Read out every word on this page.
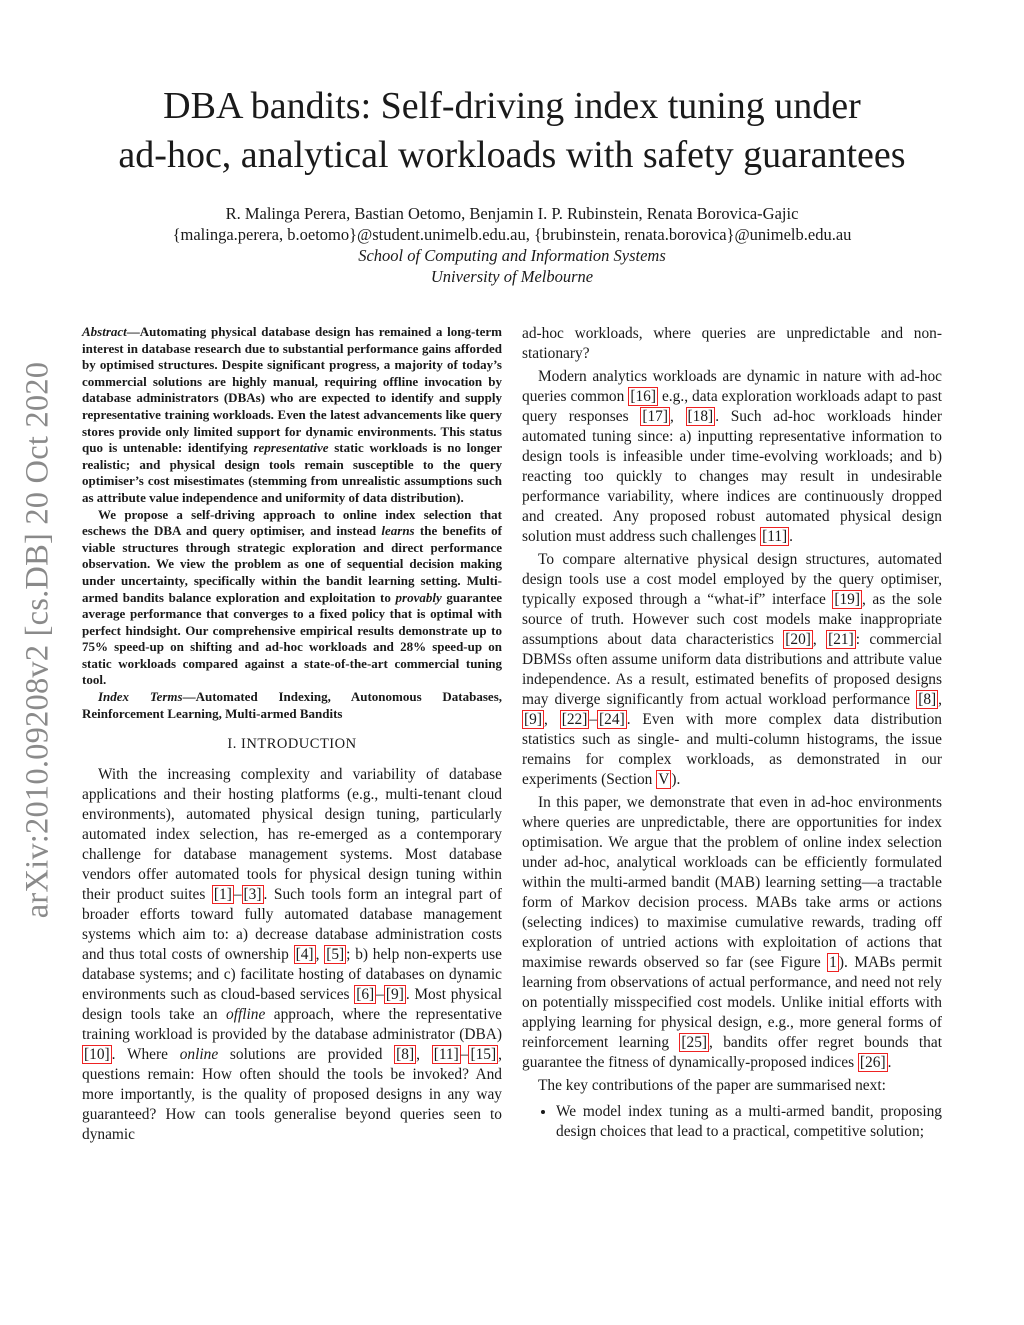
arXiv:2010.09208v2 [cs.DB] 20 Oct 2020
DBA bandits: Self-driving index tuning under
ad-hoc, analytical workloads with safety guarantees
R. Malinga Perera, Bastian Oetomo, Benjamin I. P. Rubinstein, Renata Borovica-Gajic
{malinga.perera, b.oetomo}@student.unimelb.edu.au, {brubinstein, renata.borovica}@unimelb.edu.au
School of Computing and Information Systems
University of Melbourne

Abstract—Automating physical database design has remained a long-term interest in database research due to substantial performance gains afforded by optimised structures. Despite significant progress, a majority of today’s commercial solutions are highly manual, requiring offline invocation by database administrators (DBAs) who are expected to identify and supply representative training workloads. Even the latest advancements like query stores provide only limited support for dynamic environments. This status quo is untenable: identifying representative static workloads is no longer realistic; and physical design tools remain susceptible to the query optimiser’s cost misestimates (stemming from unrealistic assumptions such as attribute value independence and uniformity of data distribution).

We propose a self-driving approach to online index selection that eschews the DBA and query optimiser, and instead learns the benefits of viable structures through strategic exploration and direct performance observation. We view the problem as one of sequential decision making under uncertainty, specifically within the bandit learning setting. Multi-armed bandits balance exploration and exploitation to provably guarantee average performance that converges to a fixed policy that is optimal with perfect hindsight. Our comprehensive empirical results demonstrate up to 75% speed-up on shifting and ad-hoc workloads and 28% speed-up on static workloads compared against a state-of-the-art commercial tuning tool.

Index Terms—Automated Indexing, Autonomous Databases, Reinforcement Learning, Multi-armed Bandits

I. INTRODUCTION

With the increasing complexity and variability of database applications and their hosting platforms (e.g., multi-tenant cloud environments), automated physical design tuning, particularly automated index selection, has re-emerged as a contemporary challenge for database management systems. Most database vendors offer automated tools for physical design tuning within their product suites [1] – [3] . Such tools form an integral part of broader efforts toward fully automated database management systems which aim to: a) decrease database administration costs and thus total costs of ownership [4] , [5] ; b) help non-experts use database systems; and c) facilitate hosting of databases on dynamic environments such as cloud-based services [6] – [9] . Most physical design tools take an offline approach, where the representative training workload is provided by the database administrator (DBA) [10] . Where online solutions are provided [8] , [11] – [15] , questions remain: How often should the tools be invoked? And more importantly, is the quality of proposed designs in any way guaranteed? How can tools generalise beyond queries seen to dynamic

ad-hoc workloads, where queries are unpredictable and non-stationary?

Modern analytics workloads are dynamic in nature with ad-hoc queries common [16] e.g., data exploration workloads adapt to past query responses [17] , [18] . Such ad-hoc workloads hinder automated tuning since: a) inputting representative information to design tools is infeasible under time-evolving workloads; and b) reacting too quickly to changes may result in undesirable performance variability, where indices are continuously dropped and created. Any proposed robust automated physical design solution must address such challenges [11] .

To compare alternative physical design structures, automated design tools use a cost model employed by the query optimiser, typically exposed through a “what-if” interface [19] , as the sole source of truth. However such cost models make inappropriate assumptions about data characteristics [20] , [21] : commercial DBMSs often assume uniform data distributions and attribute value independence. As a result, estimated benefits of proposed designs may diverge significantly from actual workload performance [8] , [9] , [22] – [24] . Even with more complex data distribution statistics such as single- and multi-column histograms, the issue remains for complex workloads, as demonstrated in our experiments (Section V ).

In this paper, we demonstrate that even in ad-hoc environments where queries are unpredictable, there are opportunities for index optimisation. We argue that the problem of online index selection under ad-hoc, analytical workloads can be efficiently formulated within the multi-armed bandit (MAB) learning setting—a tractable form of Markov decision process. MABs take arms or actions (selecting indices) to maximise cumulative rewards, trading off exploration of untried actions with exploitation of actions that maximise rewards observed so far (see Figure 1 ). MABs permit learning from observations of actual performance, and need not rely on potentially misspecified cost models. Unlike initial efforts with applying learning for physical design, e.g., more general forms of reinforcement learning [25] , bandits offer regret bounds that guarantee the fitness of dynamically-proposed indices [26] .

The key contributions of the paper are summarised next:

• We model index tuning as a multi-armed bandit, proposing design choices that lead to a practical, competitive solution;
